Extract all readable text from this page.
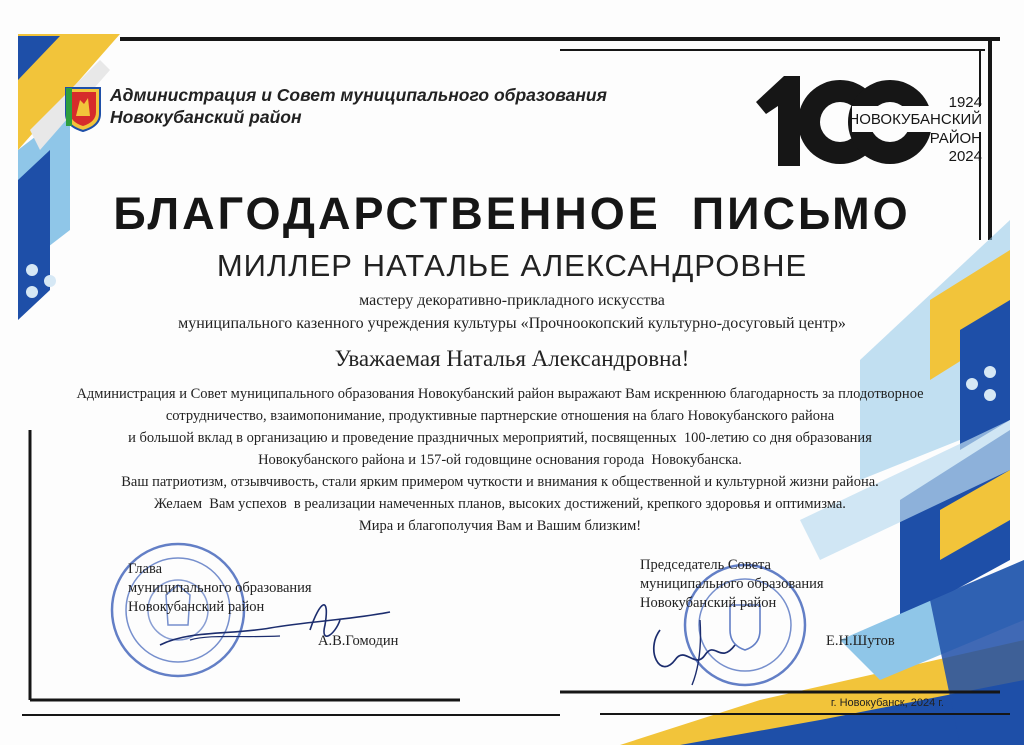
Администрация и Совет муниципального образования
Новокубанский район
1924
НОВОКУБАНСКИЙ
РАЙОН
2024
БЛАГОДАРСТВЕННОЕ  ПИСЬМО
МИЛЛЕР НАТАЛЬЕ АЛЕКСАНДРОВНЕ
мастеру декоративно-прикладного искусства
муниципального казенного учреждения культуры «Прочноокопский культурно-досуговый центр»
Уважаемая Наталья Александровна!
Администрация и Совет муниципального образования Новокубанский район выражают Вам искреннюю благодарность за плодотворное
сотрудничество, взаимопонимание, продуктивные партнерские отношения на благо Новокубанского района
и большой вклад в организацию и проведение праздничных мероприятий, посвященных  100-летию со дня образования
Новокубанского района и 157-ой годовщине основания города  Новокубанска.
Ваш патриотизм, отзывчивость, стали ярким примером чуткости и внимания к общественной и культурной жизни района.
Желаем  Вам успехов  в реализации намеченных планов, высоких достижений, крепкого здоровья и оптимизма.
Мира и благополучия Вам и Вашим близким!
Глава
муниципального образования
Новокубанский район
А.В.Гомодин
Председатель Совета
муниципального образования
Новокубанский район
Е.Н.Шутов
г. Новокубанск, 2024 г.
